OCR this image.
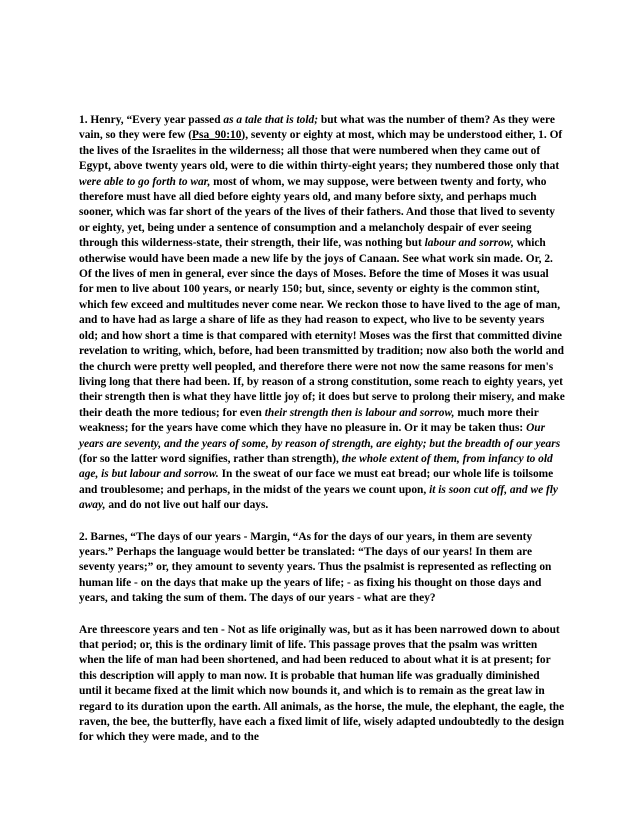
1. Henry, “Every year passed as a tale that is told; but what was the number of them? As they were vain, so they were few (Psa_90:10), seventy or eighty at most, which may be understood either, 1. Of the lives of the Israelites in the wilderness; all those that were numbered when they came out of Egypt, above twenty years old, were to die within thirty-eight years; they numbered those only that were able to go forth to war, most of whom, we may suppose, were between twenty and forty, who therefore must have all died before eighty years old, and many before sixty, and perhaps much sooner, which was far short of the years of the lives of their fathers. And those that lived to seventy or eighty, yet, being under a sentence of consumption and a melancholy despair of ever seeing through this wilderness-state, their strength, their life, was nothing but labour and sorrow, which otherwise would have been made a new life by the joys of Canaan. See what work sin made. Or, 2. Of the lives of men in general, ever since the days of Moses. Before the time of Moses it was usual for men to live about 100 years, or nearly 150; but, since, seventy or eighty is the common stint, which few exceed and multitudes never come near. We reckon those to have lived to the age of man, and to have had as large a share of life as they had reason to expect, who live to be seventy years old; and how short a time is that compared with eternity! Moses was the first that committed divine revelation to writing, which, before, had been transmitted by tradition; now also both the world and the church were pretty well peopled, and therefore there were not now the same reasons for men's living long that there had been. If, by reason of a strong constitution, some reach to eighty years, yet their strength then is what they have little joy of; it does but serve to prolong their misery, and make their death the more tedious; for even their strength then is labour and sorrow, much more their weakness; for the years have come which they have no pleasure in. Or it may be taken thus: Our years are seventy, and the years of some, by reason of strength, are eighty; but the breadth of our years (for so the latter word signifies, rather than strength), the whole extent of them, from infancy to old age, is but labour and sorrow. In the sweat of our face we must eat bread; our whole life is toilsome and troublesome; and perhaps, in the midst of the years we count upon, it is soon cut off, and we fly away, and do not live out half our days.

2. Barnes, “The days of our years - Margin, “As for the days of our years, in them are seventy years.” Perhaps the language would better be translated: “The days of our years! In them are seventy years;” or, they amount to seventy years. Thus the psalmist is represented as reflecting on human life - on the days that make up the years of life; - as fixing his thought on those days and years, and taking the sum of them. The days of our years - what are they?

Are threescore years and ten - Not as life originally was, but as it has been narrowed down to about that period; or, this is the ordinary limit of life. This passage proves that the psalm was written when the life of man had been shortened, and had been reduced to about what it is at present; for this description will apply to man now. It is probable that human life was gradually diminished until it became fixed at the limit which now bounds it, and which is to remain as the great law in regard to its duration upon the earth. All animals, as the horse, the mule, the elephant, the eagle, the raven, the bee, the butterfly, have each a fixed limit of life, wisely adapted undoubtedly to the design for which they were made, and to the
